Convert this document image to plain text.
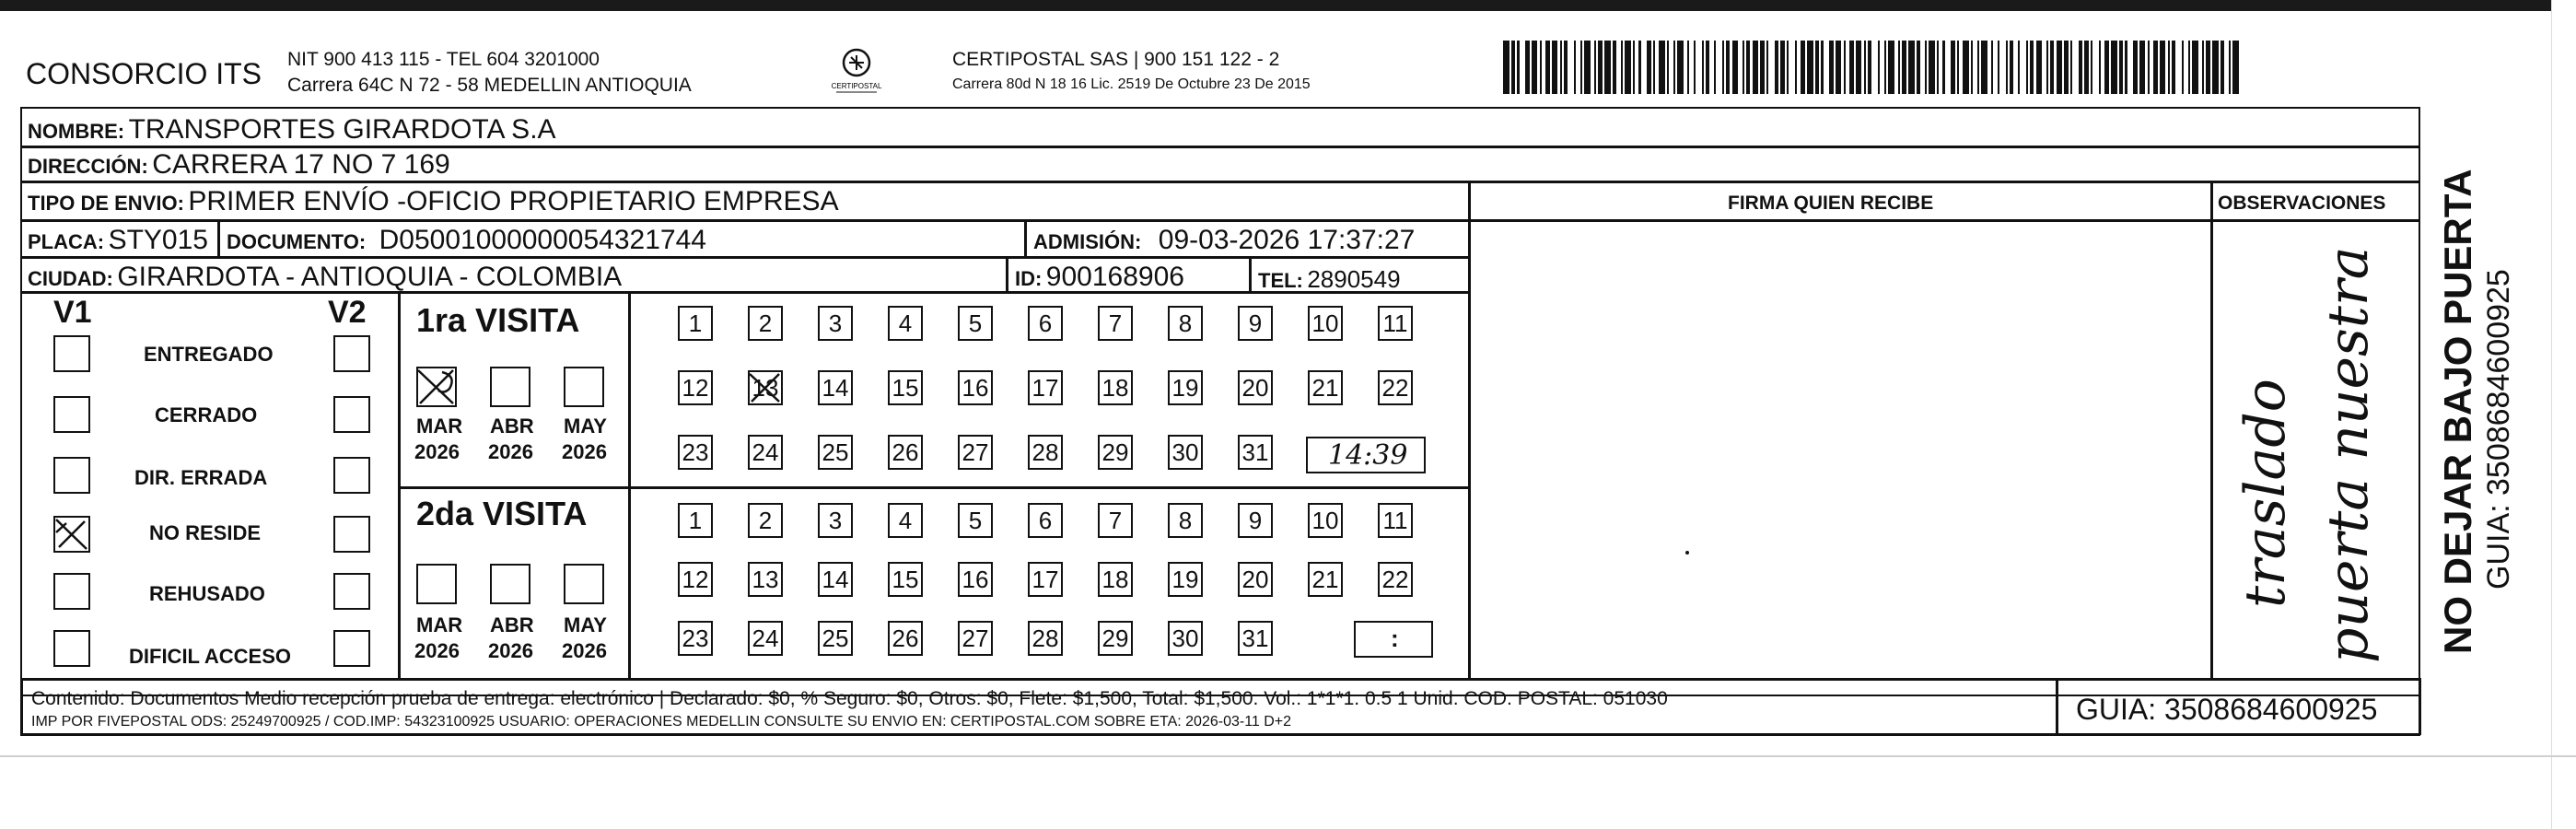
CONSORCIO ITS NIT 900 413 115 - TEL 604 3201000
Carrera 64C N 72 - 58 MEDELLIN ANTIOQUIA	CERTIPOSTAL
CERTIPOSTAL SAS | 900 151 122 - 2
Carrera 80d N 18 16 Lic. 2519 De Octubre 23 De 2015
NOMBRE: TRANSPORTES GIRARDOTA S.A
DIRECCIÓN: CARRERA 17 NO 7 169
TIPO DE ENVIO: PRIMER ENVÍO -OFICIO PROPIETARIO EMPRESA	FIRMA QUIEN RECIBE	OBSERVACIONES
PLACA: STY015 DOCUMENTO: D05001000000054321744	ADMISIÓN: 09-03-2026 17:37:27
CIUDAD: GIRARDOTA - ANTIOQUIA - COLOMBIA	ID: 900168906	TEL: 2890549
V1	V2
ENTREGADO
CERRADO
DIR. ERRADA
NO RESIDE
REHUSADO
DIFICIL ACCESO
1ra VISITA
MAR ABR MAY
2026 2026 2026
2da VISITA
MAR ABR MAY
2026 2026 2026
14:39
:
traslado puerta nuestra
Contenido: Documentos Medio recepción prueba de entrega: electrónico | Declarado: $0, % Seguro: $0, Otros: $0, Flete: $1,500, Total: $1,500. Vol.: 1*1*1. 0.5 1 Unid. COD. POSTAL: 051030
IMP POR FIVEPOSTAL ODS: 25249700925 / COD.IMP: 54323100925 USUARIO: OPERACIONES MEDELLIN CONSULTE SU ENVIO EN: CERTIPOSTAL.COM SOBRE ETA: 2026-03-11 D+2	GUIA: 3508684600925
NO DEJAR BAJO PUERTA GUIA: 3508684600925
1	2	3	4	5	6	7	8	9	10 11
12 13 14 15 16 17 18 19 20 21 22
23 24 25 26 27 28 29 30 31
1	2	3	4	5	6	7	8	9	10 11
12 13 14 15 16 17 18 19 20 21 22
23 24 25 26 27 28 29 30 31
